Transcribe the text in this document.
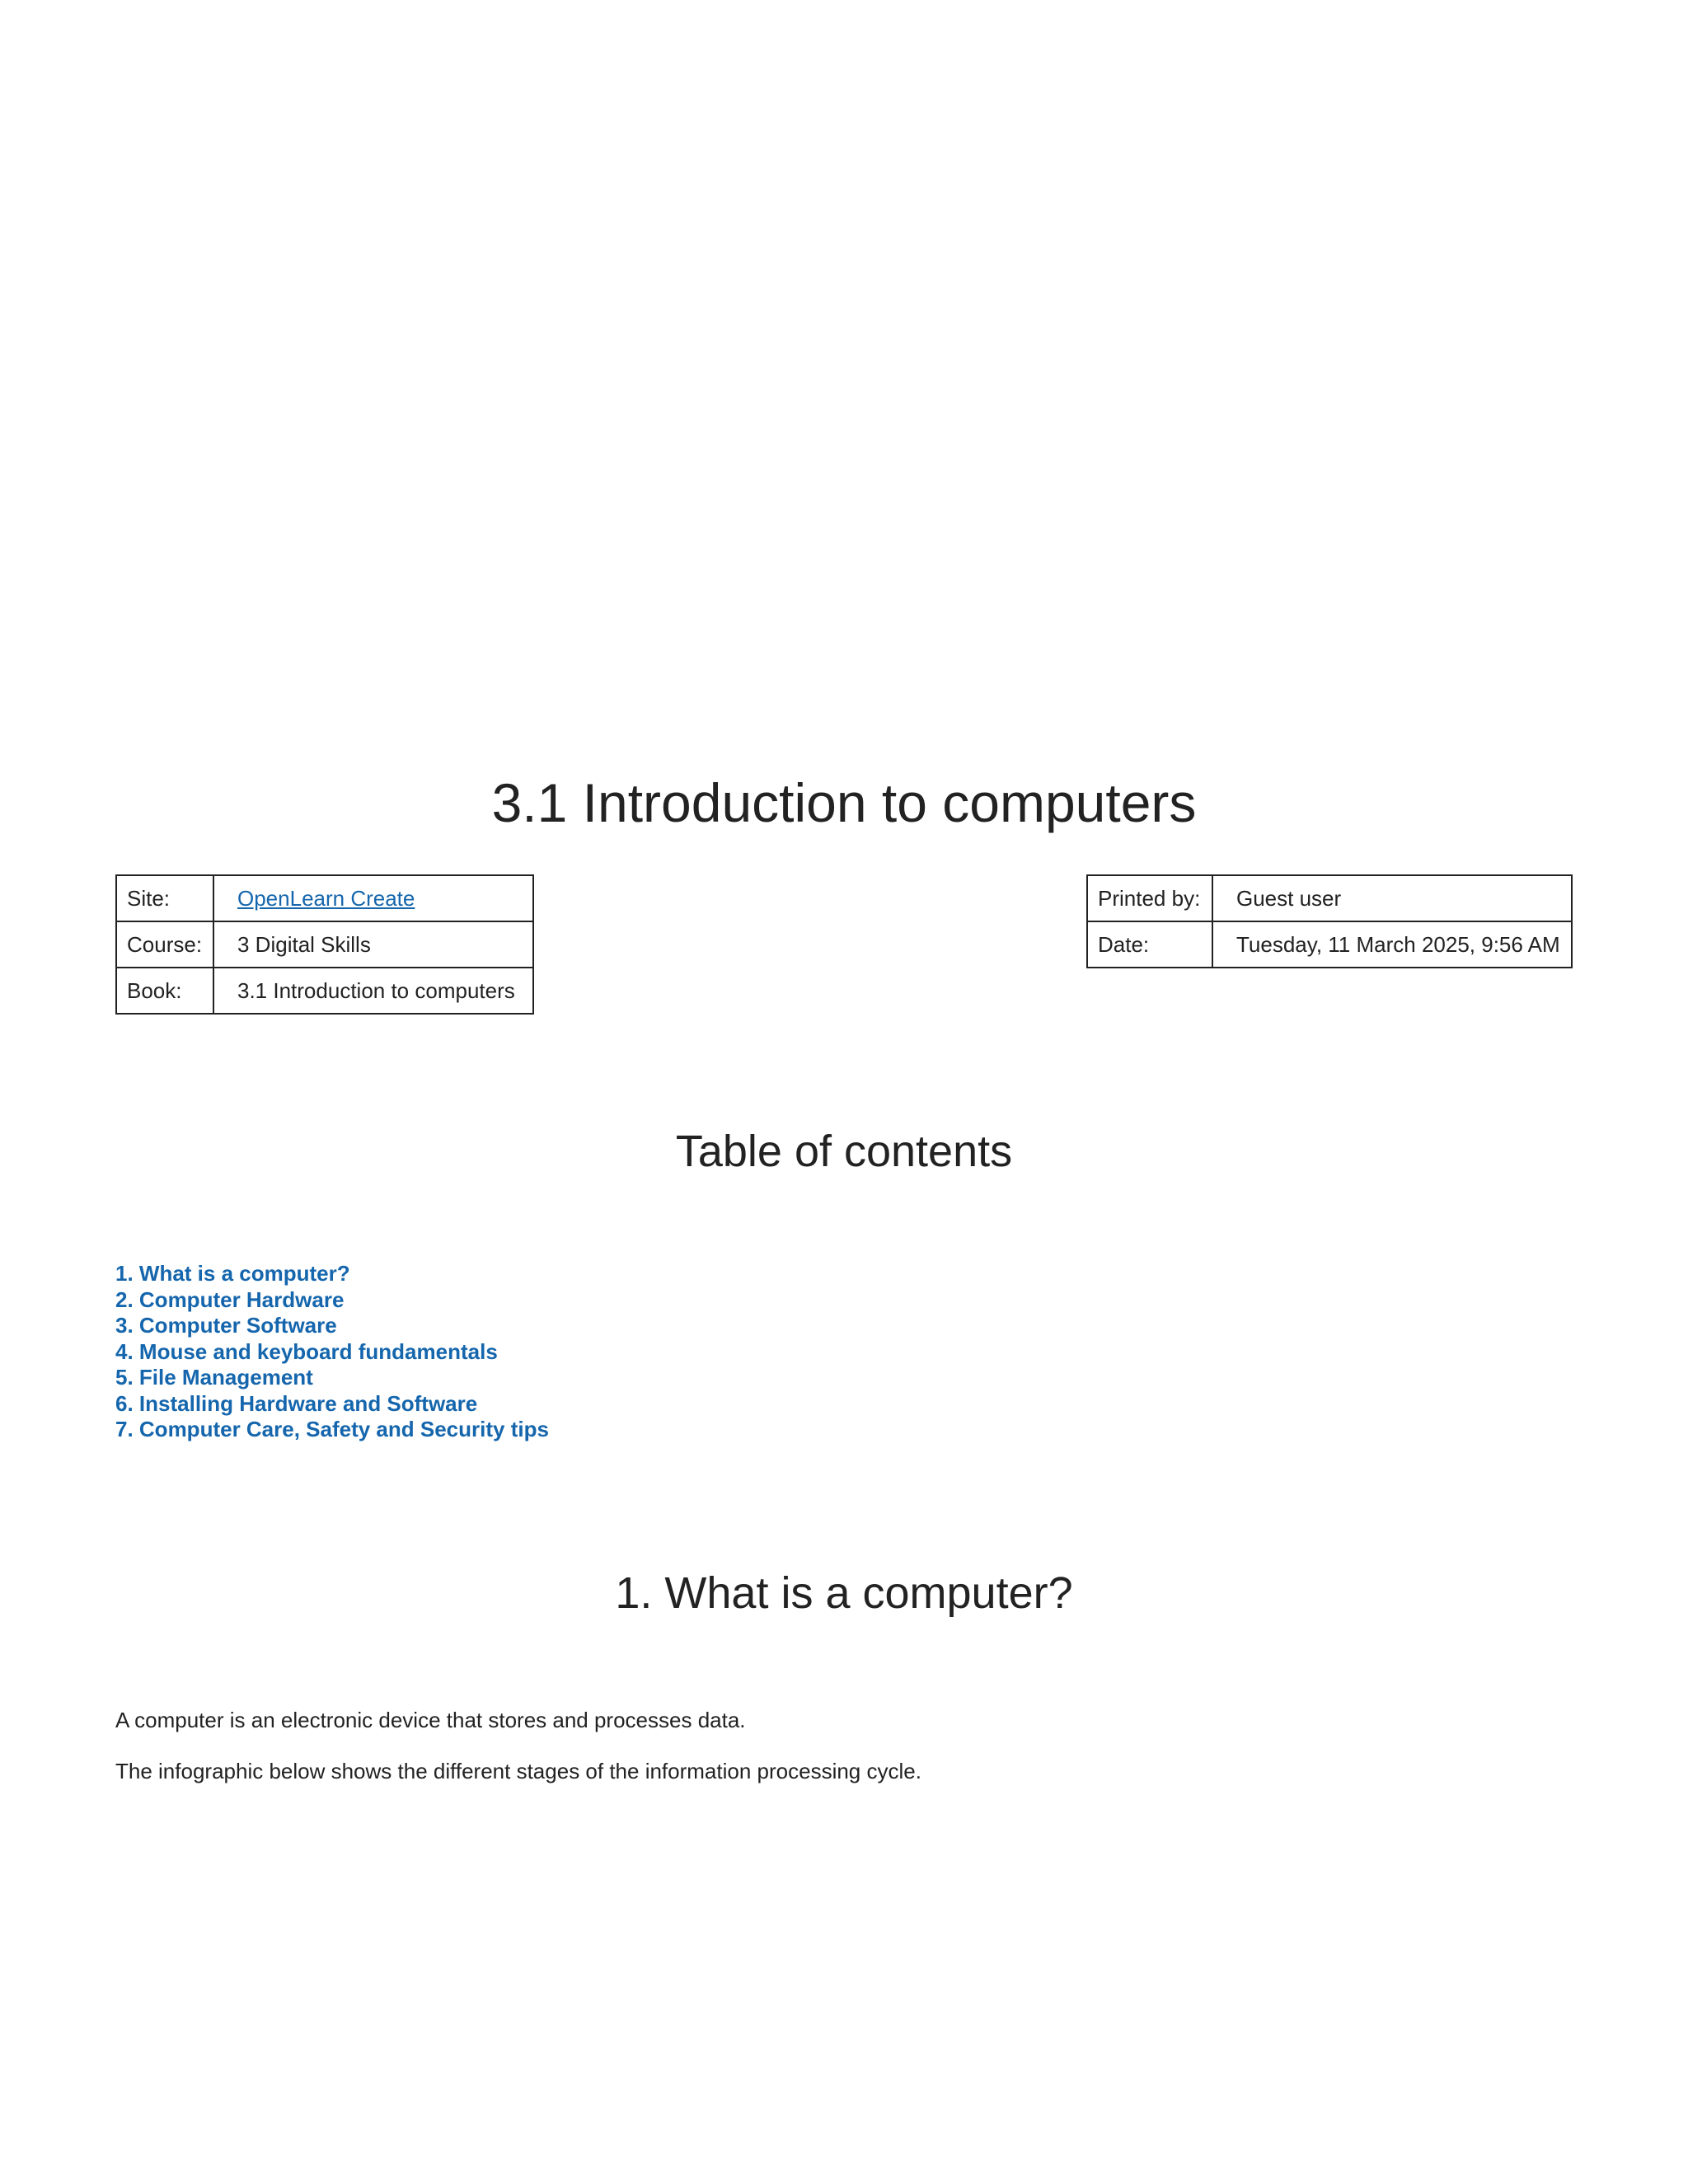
3.1 Introduction to computers
Site:	OpenLearn Create
Course:	3 Digital Skills
Book:	3.1 Introduction to computers
Printed by:	Guest user
Date:	Tuesday, 11 March 2025, 9:56 AM
Table of contents
1. What is a computer?
2. Computer Hardware
3. Computer Software
4. Mouse and keyboard fundamentals
5. File Management
6. Installing Hardware and Software
7. Computer Care, Safety and Security tips
1. What is a computer?

A computer is an electronic device that stores and processes data.

The infographic below shows the different stages of the information processing cycle.
